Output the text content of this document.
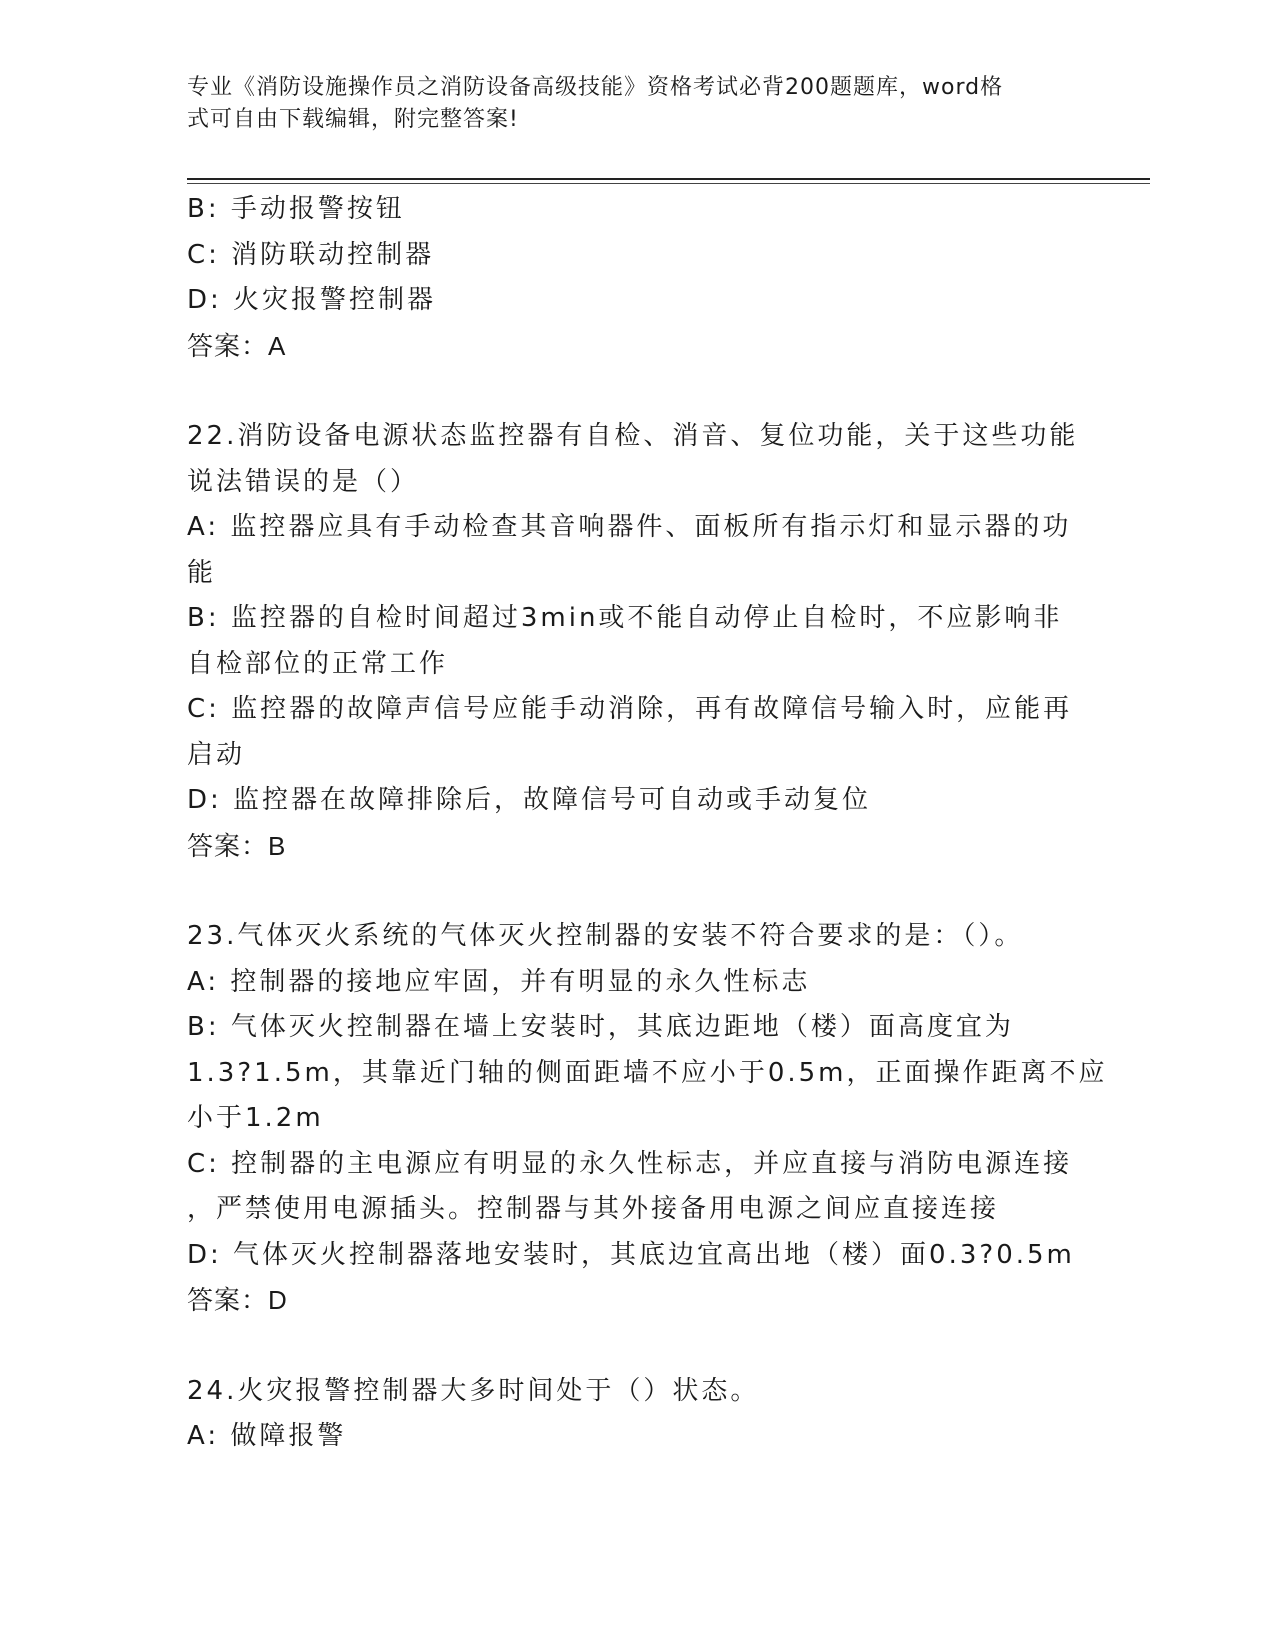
专业《消防设施操作员之消防设备高级技能》资格考试必背200题题库，word格
式可自由下载编辑，附完整答案!
B: 手动报警按钮
C: 消防联动控制器
D: 火灾报警控制器
答案：A
22.消防设备电源状态监控器有自检、消音、复位功能，关于这些功能
说法错误的是（）
A: 监控器应具有手动检查其音响器件、面板所有指示灯和显示器的功
能
B: 监控器的自检时间超过3min或不能自动停止自检时，不应影响非
自检部位的正常工作
C: 监控器的故障声信号应能手动消除，再有故障信号输入时，应能再
启动
D: 监控器在故障排除后，故障信号可自动或手动复位
答案：B
23.气体灭火系统的气体灭火控制器的安装不符合要求的是：（）。
A: 控制器的接地应牢固，并有明显的永久性标志
B: 气体灭火控制器在墙上安装时，其底边距地（楼）面高度宜为
1.3?1.5m，其靠近门轴的侧面距墙不应小于0.5m，正面操作距离不应
小于1.2m
C: 控制器的主电源应有明显的永久性标志，并应直接与消防电源连接
，严禁使用电源插头。控制器与其外接备用电源之间应直接连接
D: 气体灭火控制器落地安装时，其底边宜高出地（楼）面0.3?0.5m
答案：D
24.火灾报警控制器大多时间处于（）状态。
A: 做障报警
